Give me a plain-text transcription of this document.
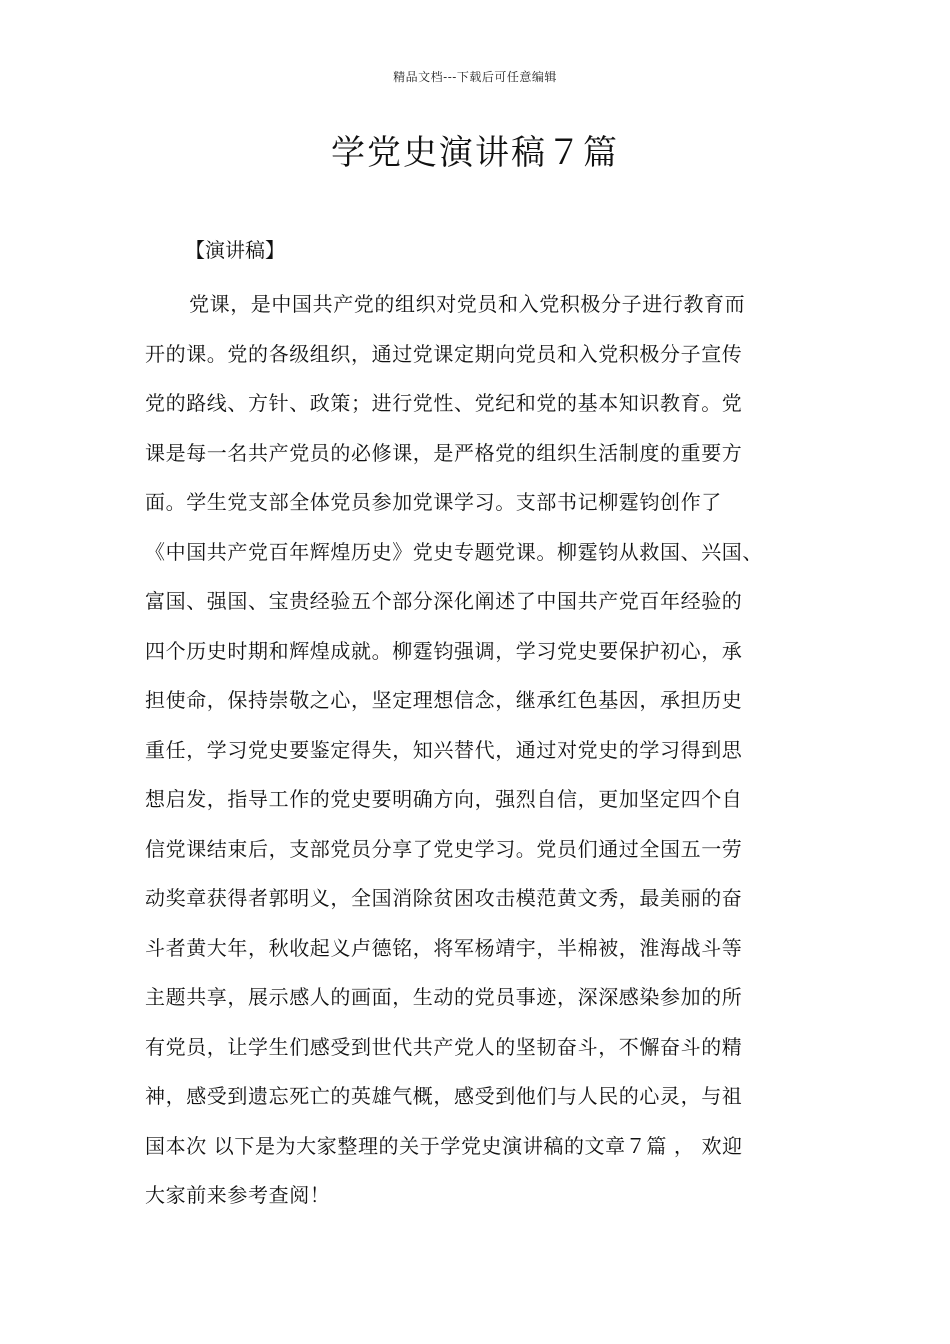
精品文档---下载后可任意编辑
学党史演讲稿７篇
【演讲稿】
党课，是中国共产党的组织对党员和入党积极分子进行教育而
开的课。党的各级组织，通过党课定期向党员和入党积极分子宣传
党的路线、方针、政策；进行党性、党纪和党的基本知识教育。党
课是每一名共产党员的必修课，是严格党的组织生活制度的重要方
面。学生党支部全体党员参加党课学习。支部书记柳霆钧创作了
《中国共产党百年辉煌历史》党史专题党课。柳霆钧从救国、兴国、
富国、强国、宝贵经验五个部分深化阐述了中国共产党百年经验的
四个历史时期和辉煌成就。柳霆钧强调，学习党史要保护初心，承
担使命，保持崇敬之心，坚定理想信念，继承红色基因，承担历史
重任，学习党史要鉴定得失，知兴替代，通过对党史的学习得到思
想启发，指导工作的党史要明确方向，强烈自信，更加坚定四个自
信党课结束后，支部党员分享了党史学习。党员们通过全国五一劳
动奖章获得者郭明义，全国消除贫困攻击模范黄文秀，最美丽的奋
斗者黄大年，秋收起义卢德铭，将军杨靖宇，半棉被，淮海战斗等
主题共享，展示感人的画面，生动的党员事迹，深深感染参加的所
有党员，让学生们感受到世代共产党人的坚韧奋斗，不懈奋斗的精
神，感受到遗忘死亡的英雄气概，感受到他们与人民的心灵，与祖
国本次 以下是为大家整理的关于学党史演讲稿的文章７篇 ， 欢迎
大家前来参考查阅！
